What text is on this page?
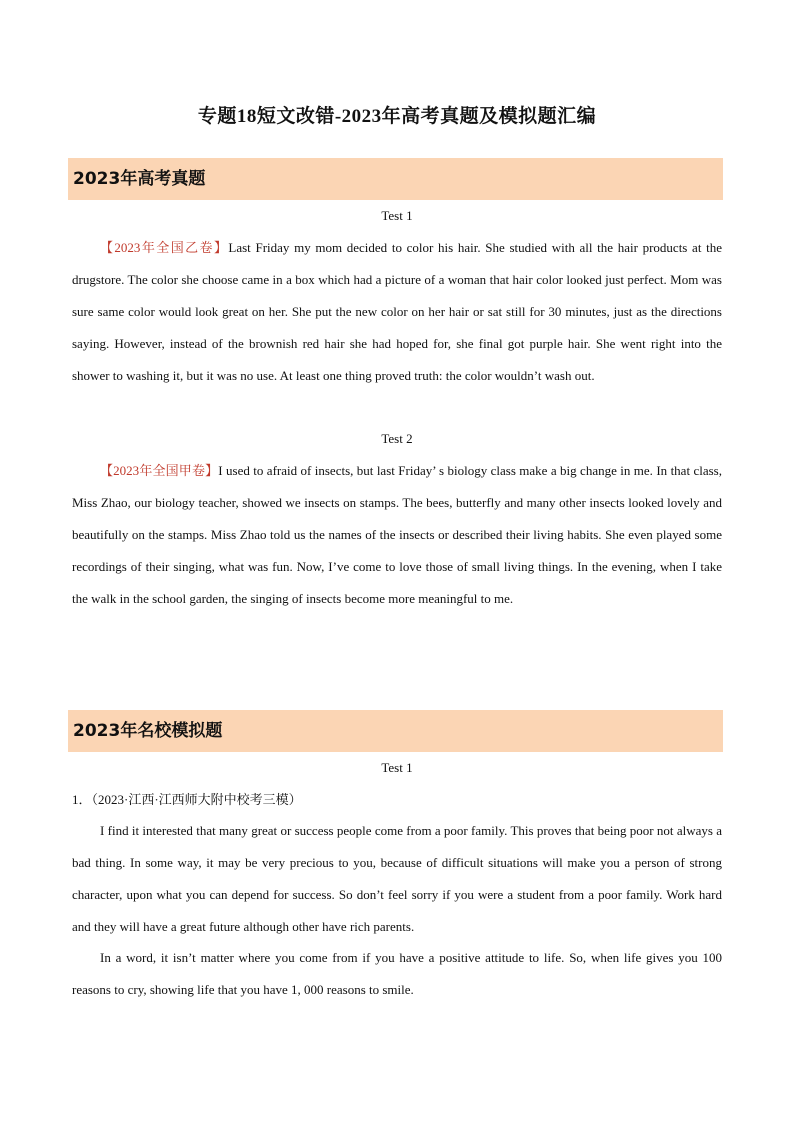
专题18短文改错-2023年高考真题及模拟题汇编
2023年高考真题
Test 1

【2023年全国乙卷】Last Friday my mom decided to color his hair. She studied with all the hair products at the drugstore. The color she choose came in a box which had a picture of a woman that hair color looked just perfect. Mom was sure same color would look great on her. She put the new color on her hair or sat still for 30 minutes, just as the directions saying. However, instead of the brownish red hair she had hoped for, she final got purple hair. She went right into the shower to washing it, but it was no use. At least one thing proved truth: the color wouldn’t wash out.

Test 2

【2023年全国甲卷】I used to afraid of insects, but last Friday’ s biology class make a big change in me. In that class, Miss Zhao, our biology teacher, showed we insects on stamps. The bees, butterfly and many other insects looked lovely and beautifully on the stamps. Miss Zhao told us the names of the insects or described their living habits. She even played some recordings of their singing, what was fun. Now, I’ve come to love those of small living things. In the evening, when I take the walk in the school garden, the singing of insects become more meaningful to me.

2023年名校模拟题
Test 1
1．（2023·江西·江西师大附中校考三模）

I find it interested that many great or success people come from a poor family. This proves that being poor not always a bad thing. In some way, it may be very precious to you, because of difficult situations will make you a person of strong character, upon what you can depend for success. So don’t feel sorry if you were a student from a poor family. Work hard and they will have a great future although other have rich parents.

In a word, it isn’t matter where you come from if you have a positive attitude to life. So, when life gives you 100 reasons to cry, showing life that you have 1, 000 reasons to smile.
